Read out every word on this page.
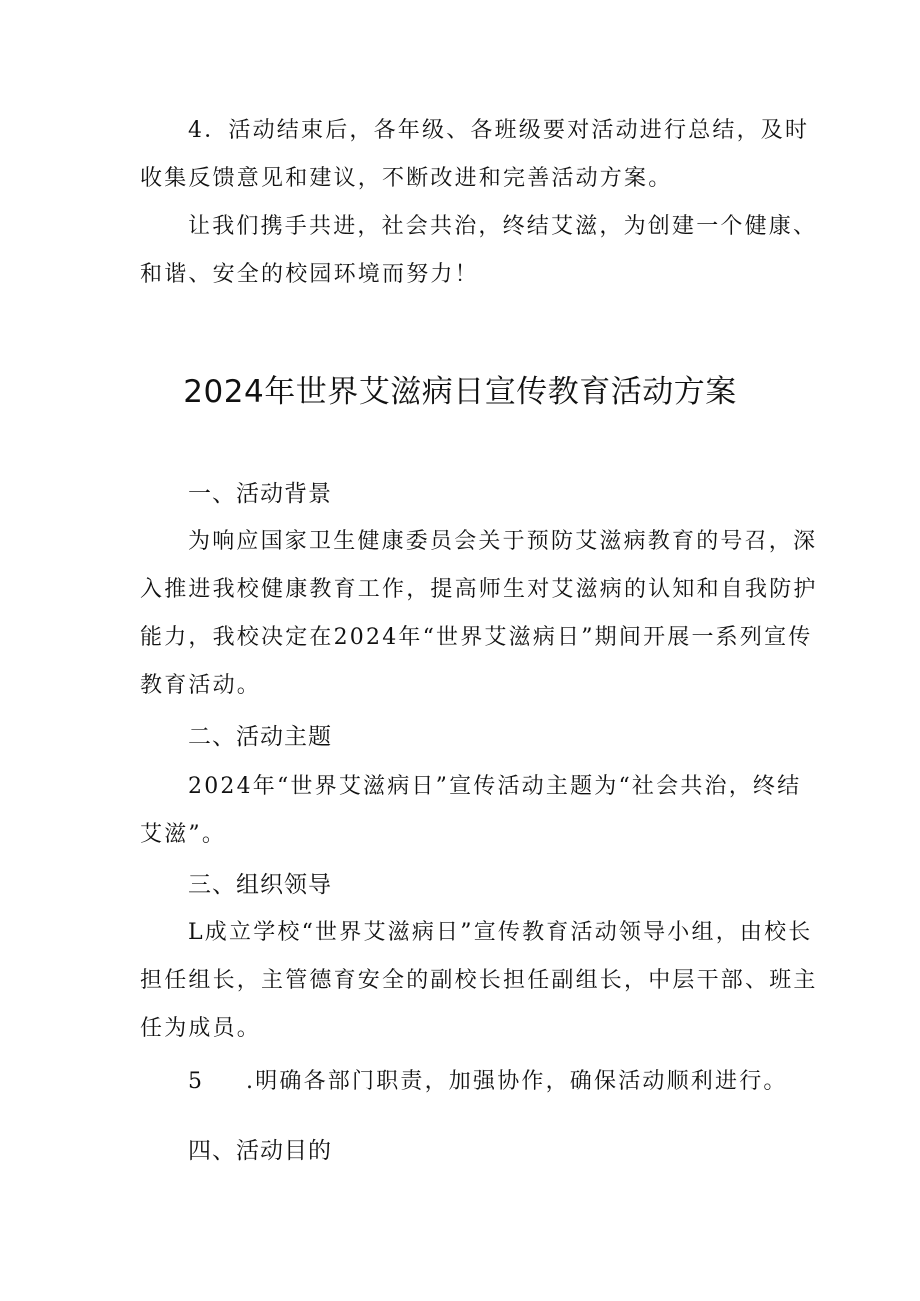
4．活动结束后，各年级、各班级要对活动进行总结，及时
收集反馈意见和建议，不断改进和完善活动方案。
让我们携手共进，社会共治，终结艾滋，为创建一个健康、
和谐、安全的校园环境而努力！
2024年世界艾滋病日宣传教育活动方案
一、活动背景
为响应国家卫生健康委员会关于预防艾滋病教育的号召，深
入推进我校健康教育工作，提高师生对艾滋病的认知和自我防护
能力，我校决定在2024年“世界艾滋病日”期间开展一系列宣传
教育活动。
二、活动主题
2024年“世界艾滋病日”宣传活动主题为“社会共治，终结
艾滋”。
三、组织领导
L成立学校“世界艾滋病日”宣传教育活动领导小组，由校长
担任组长，主管德育安全的副校长担任副组长，中层干部、班主
任为成员。
5 .明确各部门职责，加强协作，确保活动顺利进行。
四、活动目的
